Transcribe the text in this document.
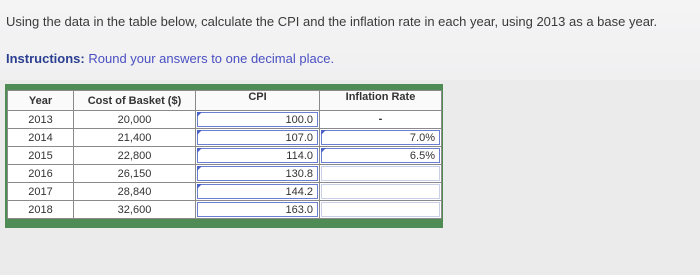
Using the data in the table below, calculate the CPI and the inflation rate in each year, using 2013 as a base year.
Instructions: Round your answers to one decimal place.
Year	Cost of Basket ($)	CPI	Inflation Rate
2013	20,000	100.0	-

2014	21,400	107.0	7.0%

2015	22,800	114.0	6.5%

2016	26,150	130.8	

2017	28,840	144.2	

2018	32,600	163.0	
